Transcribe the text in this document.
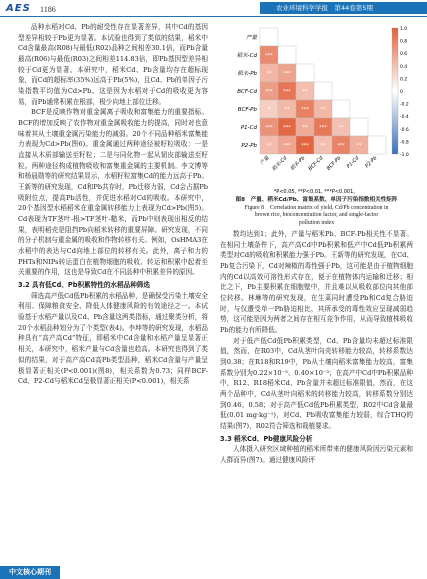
AES 1186	农业环境科学学报　第44卷第5期

品种水稻对Cd、Pb的耐受性存在显著差异，其中Cd的基因型差异相较于Pb更为显著。本试验也得到了类似的结果，稻米中Cd含量最高(R08)与最低(R02)品种之间相差30.1倍，而Pb含量最高(R06)与最低(R03)之间相差114.83倍，即Pb基因型差异相较于Cd更为显著。本研究中，稻米Cd、Pb含量均存在超标现象，而Cd的超标率(35%)远高于Pb(5%)，且Cd、Pb的单因子污染指数平均值为Cd>Pb。这是因为水稻对于Cd的吸收更为容易，而Pb通常积累在根部，极少向地上部位迁移。

BCF是反映作物对重金属离子吸收和富集能力的重要指标。BCF的增加反映了农作物对重金属吸收能力的提高，同时对也意味着其从土壤重金属污染能力的减弱。20个不同品种稻米富集能力表现为Cd>Pb(图6)。重金属通过两种途径被籽粒吸收：一是直接从木质部输送至籽粒；二是与同化物一起从韧皮部输送至籽粒。两种途径构成植物吸收和富集重金属的主要机制。李文博等和杨晨勋等的研究结果显示，水稻籽粒富集Cd的能力远高于Pb。王新等的研究发现，Cd和Pb共存时，Pb迁移力弱，Cd会占据Pb吸附位点，提高Pb活性，并促进水稻对Cd的吸收。本研究中，20个基因型水稻稻米在重金属转移能力上表现为Cd>Pb(图5)。Cd表现为TF茎叶-根>TF茎叶-糙米，而Pb中则表现出相反的结果，表明稻壳是阻挡Pb向稻米转移的重要屏障。研究发现，不同的分子机制与重金属的吸收和作物转移有关。例如，OsHMA3在水稻中的表达与Cd向地上部位的转移有关。此外，离子和力的PHTs和NIPs转运蛋白在植物细胞的吸收、转运和积累中起着至关重要的作用，这也是导致Cd在不同品种中积累差异的原因。

3.2 具有低Cd、Pb积累特性的水稻品种筛选

筛选高产低Cd低Pb积累的水稻品种，是确保受污染土壤安全利用、保障粮食安全、降低人体健康风险的有效途径之一。本试验基于水稻产量以及Cd、Pb含量这两类指标，通过聚类分析，将20个水稻品种划分为了个类型(表4)。李坤等的研究发现，水稻品种具有“高产高Cd”特征，即稻米中Cd含量和水稻产量呈显著正相关，本研究中，稻米产量与Cd含量也趋高。本研究也得到了类似的结果，对于高产高Cd高Pb类型品种，稻米Cd含量与产量呈极显著正相关(P<0.001)(图8)，相关系数为0.73；同样BCF-Cd、P2-Cd与稻米Cd呈极显著正相关(P<0.001)，相关系

产量
稻米-Cd
稻米-Pb
BCF-Cd
BCF-Pb
P1-Cd
P2-Pb
***
** ***
*** *** **
*	** *** **
*** *** ** *** **
** *** *** ** *** **
产量 稻米-Cd 稻米-Pb BCF-Cd BCF-Pb P1-Cd P2-Pb
1.0
0.8
0.6
0.4
0.2
0
-0.2
-0.4
-0.6
-0.8
-1.0
*P<0.05, **P<0.01, ***P<0.001。
图8　产量、稻米Cd/Pb、富集系数、单因子污染指数相关性矩阵
Figure 8　Correlation matrix of yield, Cd/Pb concentration in
brown rice, bioconcentration factor, and single-factor
pollution index

数均达到1；此外，产量与稻米Pb、BCF-Pb相关性不显著。在相同土壤条件下，高产高Cd中Pb积累和低产中Cd低Pb积累两类型对Cd的吸收和积累能力强于Pb。王新等的研究发现，在Cd、Pb复合污染下，Cd对辣椒的毒性强于Pb，这可能是由于植物细胞内的Cd以高效可溶性形式存在，便于在植物体内运输和迁移；相比之下，Pb主要积累在细胞壁中，并且难以从吸收部位向其他部位转移。林琳等的研究发现，在生菜同时遭受Pb和Cd复合胁迫时，与仅遭受单一Pb胁迫相比，其所承受的毒性效应呈现减弱趋势，这可能是因为两者之间存在相互竞争作用，从而导致植株吸收Pb的能力有所降低。

对于低产低Cd低Pb积累类型，Cd、Pb含量均未超过标准限值，然而，在R03中，Cd从茎叶向壳转移能力较高，转移系数达到0.38；在R18和R19中，Pb从土壤向稻米富集能力较高，富集系数分别为0.22×10⁻³、0.40×10⁻³；在高产中Cd中Pb积累品种中，R12、R18稻米Cd、Pb含量并未超过标准限值，然而，在这两个品种中，Cd从茎叶向稻米的转移能力较高，转移系数分别达到0.46、0.58；对于高产低Cd低Pb积累类型，R02中Cd含量最低(0.01 mg·kg⁻¹)，对Cd、Pb吸收富集能力较弱，综合THQ的结果(图7)，R02符合筛选和栽植要求。

3.3 稻米Cd、Pb健康风险分析

人体摄入研究区域种植的稻米所带来的健康风险因污染元素和人群而异(图7)。通过健康风险评

中文核心期刊
